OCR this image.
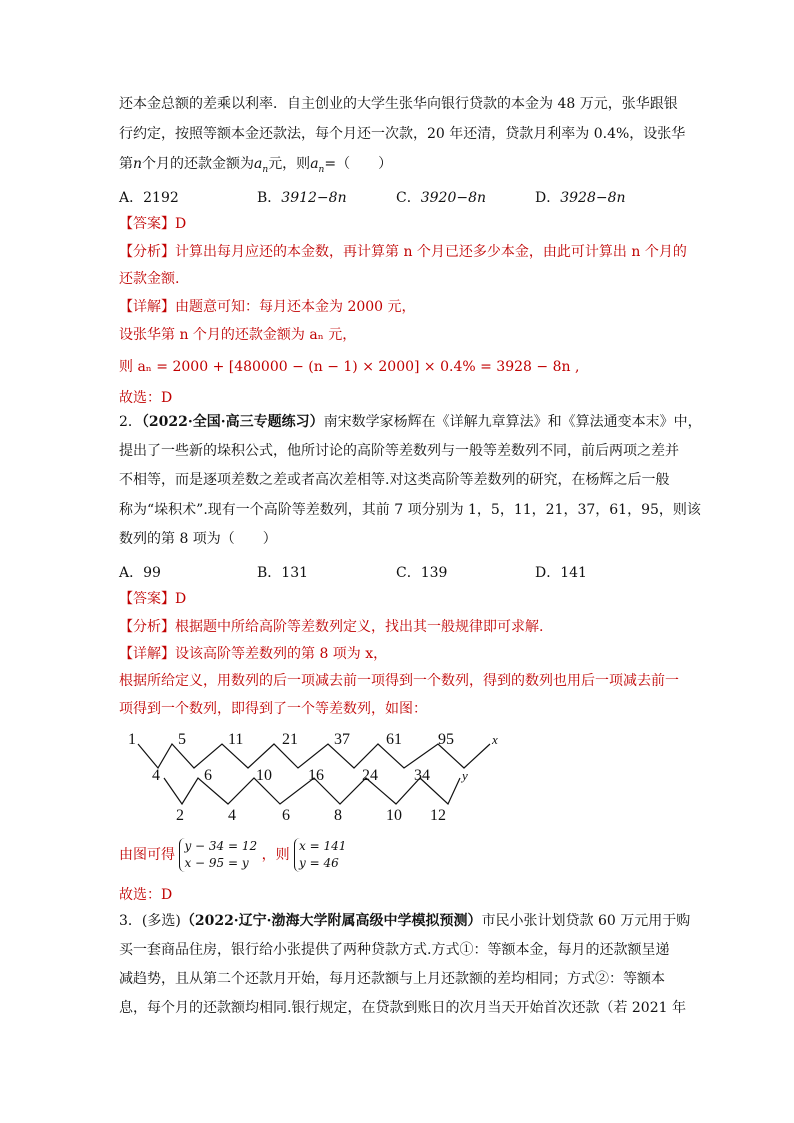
还本金总额的差乘以利率．自主创业的大学生张华向银行贷款的本金为 48 万元，张华跟银
行约定，按照等额本金还款法，每个月还一次款，20 年还清，贷款月利率为 0.4%，设张华
第n个月的还款金额为$a_n$元，则$a_n=$（　　）
A．2192	B．3912−8n	C．3920−8n	D．3928−8n
【答案】D
【分析】计算出每月应还的本金数，再计算第 n 个月已还多少本金，由此可计算出 n 个月的
还款金额.
【详解】由题意可知：每月还本金为 2000 元，
设张华第 n 个月的还款金额为 aₙ 元，
则 aₙ = 2000 + [480000 − (n − 1) × 2000] × 0.4% = 3928 − 8n ,
故选：D
2．（2022·全国·高三专题练习）南宋数学家杨辉在《详解九章算法》和《算法通变本末》中，
提出了一些新的垛积公式，他所讨论的高阶等差数列与一般等差数列不同，前后两项之差并
不相等，而是逐项差数之差或者高次差相等.对这类高阶等差数列的研究，在杨辉之后一般
称为“垛积术”.现有一个高阶等差数列，其前 7 项分别为 1，5，11，21，37，61，95，则该
数列的第 8 项为（　　）
A．99	B．131	C．139	D．141
【答案】D
【分析】根据题中所给高阶等差数列定义，找出其一般规律即可求解.
【详解】设该高阶等差数列的第 8 项为 x，
根据所给定义，用数列的后一项减去前一项得到一个数列，得到的数列也用后一项减去前一
项得到一个数列，即得到了一个等差数列，如图：
1	5	11 21 37 61 95	x
4	6	10 16 24 34 y
2	4	6	8	10 12
由图可得
y − 34 = 12
x − 95 = y ，则
x = 141
y = 46
故选：D
3．(多选)（2022·辽宁·渤海大学附属高级中学模拟预测）市民小张计划贷款 60 万元用于购
买一套商品住房，银行给小张提供了两种贷款方式.方式①：等额本金，每月的还款额呈递
减趋势，且从第二个还款月开始，每月还款额与上月还款额的差均相同；方式②：等额本
息，每个月的还款额均相同.银行规定，在贷款到账日的次月当天开始首次还款（若 2021 年
